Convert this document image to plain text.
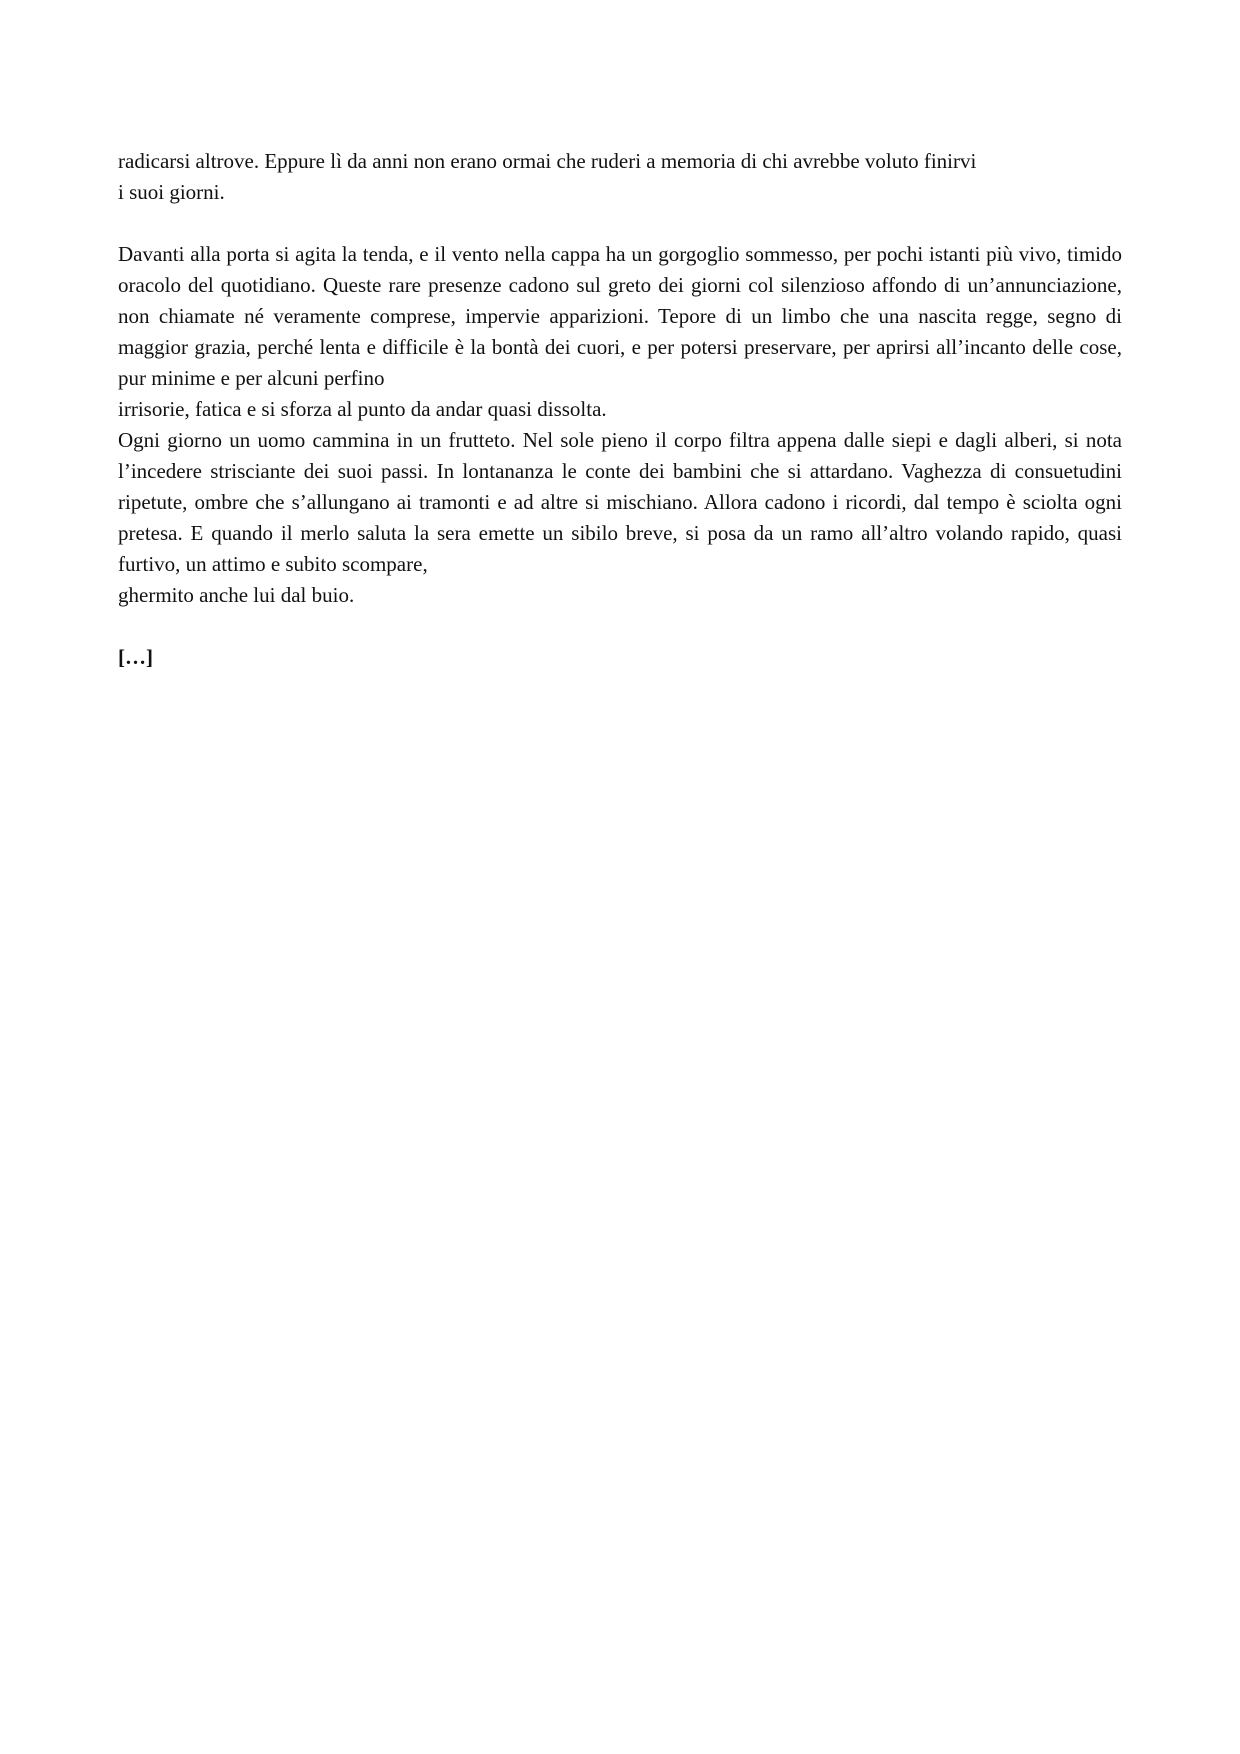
radicarsi altrove. Eppure lì da anni non erano ormai che ruderi a memoria di chi avrebbe voluto finirvi
i suoi giorni.

Davanti alla porta si agita la tenda, e il vento nella cappa ha un gorgoglio sommesso, per pochi istanti più vivo, timido oracolo del quotidiano. Queste rare presenze cadono sul greto dei giorni col silenzioso affondo di un’annunciazione, non chiamate né veramente comprese, impervie apparizioni. Tepore di un limbo che una nascita regge, segno di maggior grazia, perché lenta e difficile è la bontà dei cuori, e per potersi preservare, per aprirsi all’incanto delle cose, pur minime e per alcuni perfino
irrisorie, fatica e si sforza al punto da andar quasi dissolta.

Ogni giorno un uomo cammina in un frutteto. Nel sole pieno il corpo filtra appena dalle siepi e dagli alberi, si nota l’incedere strisciante dei suoi passi. In lontananza le conte dei bambini che si attardano. Vaghezza di consuetudini ripetute, ombre che s’allungano ai tramonti e ad altre si mischiano. Allora cadono i ricordi, dal tempo è sciolta ogni pretesa. E quando il merlo saluta la sera emette un sibilo breve, si posa da un ramo all’altro volando rapido, quasi furtivo, un attimo e subito scompare,
ghermito anche lui dal buio.

[…]
